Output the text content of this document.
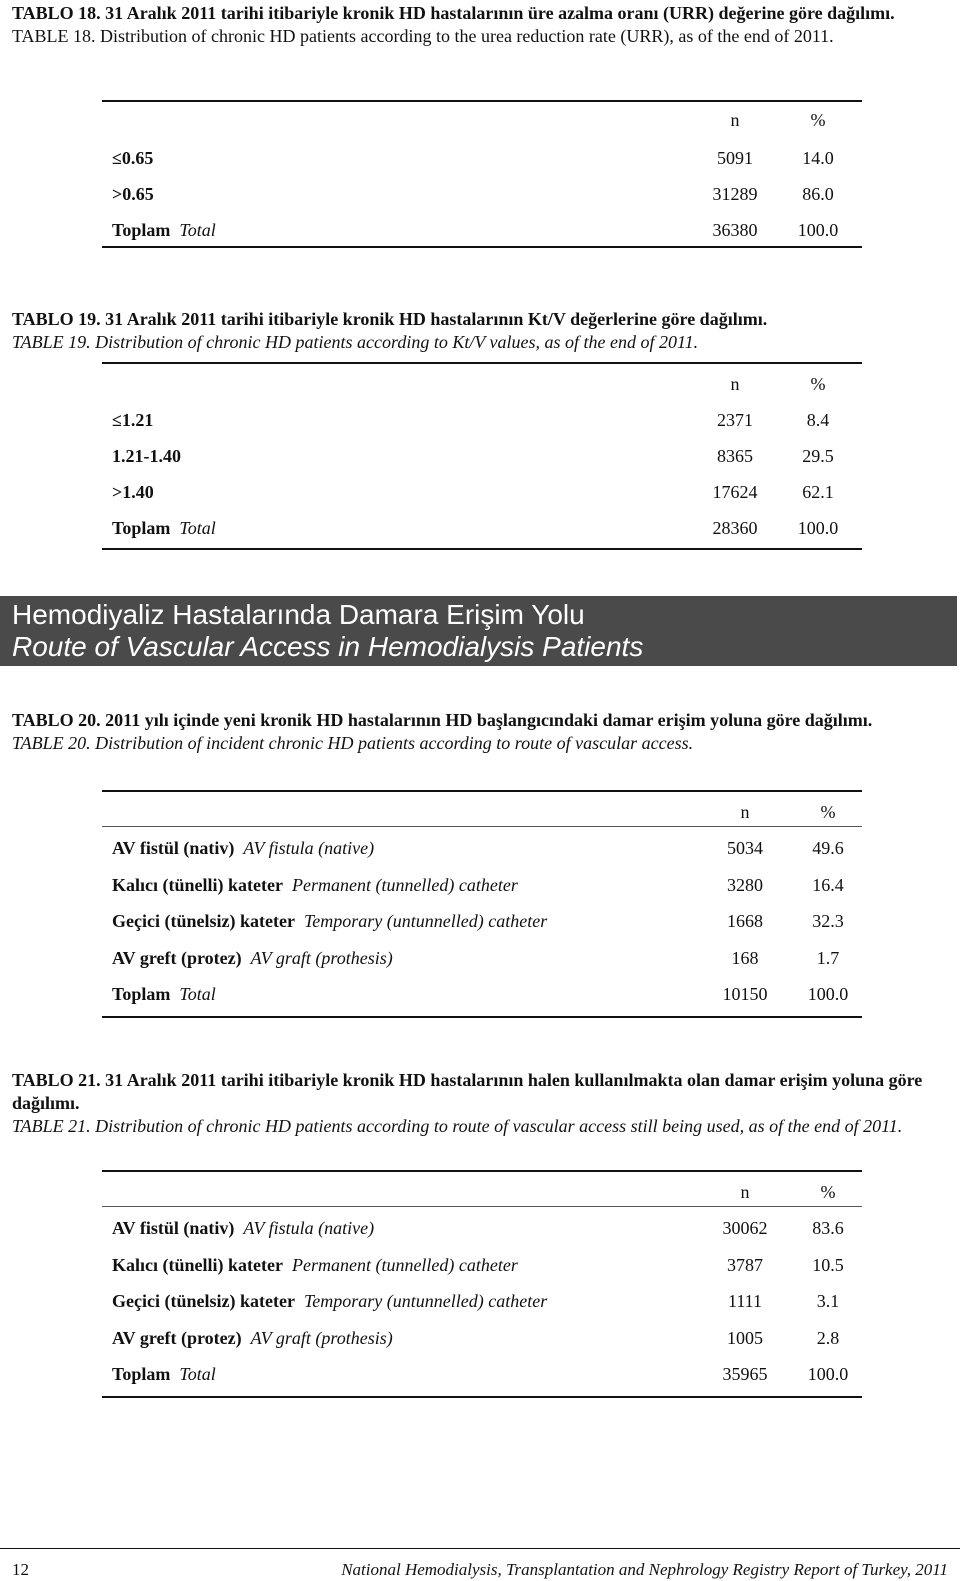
TABLO 18. 31 Aralık 2011 tarihi itibariyle kronik HD hastalarının üre azalma oranı (URR) değerine göre dağılımı.
TABLE 18. Distribution of chronic HD patients according to the urea reduction rate (URR), as of the end of 2011.
n	%
≤0.65	5091	14.0
>0.65	31289	86.0
Toplam Total	36380	100.0
TABLO 19. 31 Aralık 2011 tarihi itibariyle kronik HD hastalarının Kt/V değerlerine göre dağılımı.
TABLE 19. Distribution of chronic HD patients according to Kt/V values, as of the end of 2011.
n	%
≤1.21	2371	8.4
1.21-1.40	8365	29.5
>1.40	17624	62.1
Toplam Total	28360	100.0
Hemodiyaliz Hastalarında Damara Erişim Yolu
Route of Vascular Access in Hemodialysis Patients
TABLO 20. 2011 yılı içinde yeni kronik HD hastalarının HD başlangıcındaki damar erişim yoluna göre dağılımı.
TABLE 20. Distribution of incident chronic HD patients according to route of vascular access.
n	%
AV fistül (nativ) AV fistula (native)	5034	49.6
Kalıcı (tünelli) kateter Permanent (tunnelled) catheter	3280	16.4
Geçici (tünelsiz) kateter Temporary (untunnelled) catheter	1668	32.3
AV greft (protez) AV graft (prothesis)	168	1.7
Toplam Total	10150	100.0
TABLO 21. 31 Aralık 2011 tarihi itibariyle kronik HD hastalarının halen kullanılmakta olan damar erişim yoluna göre dağılımı.
TABLE 21. Distribution of chronic HD patients according to route of vascular access still being used, as of the end of 2011.
n	%
AV fistül (nativ) AV fistula (native)	30062	83.6
Kalıcı (tünelli) kateter Permanent (tunnelled) catheter	3787	10.5
Geçici (tünelsiz) kateter Temporary (untunnelled) catheter	1111	3.1
AV greft (protez) AV graft (prothesis)	1005	2.8
Toplam Total	35965	100.0
12	National Hemodialysis, Transplantation and Nephrology Registry Report of Turkey, 2011
